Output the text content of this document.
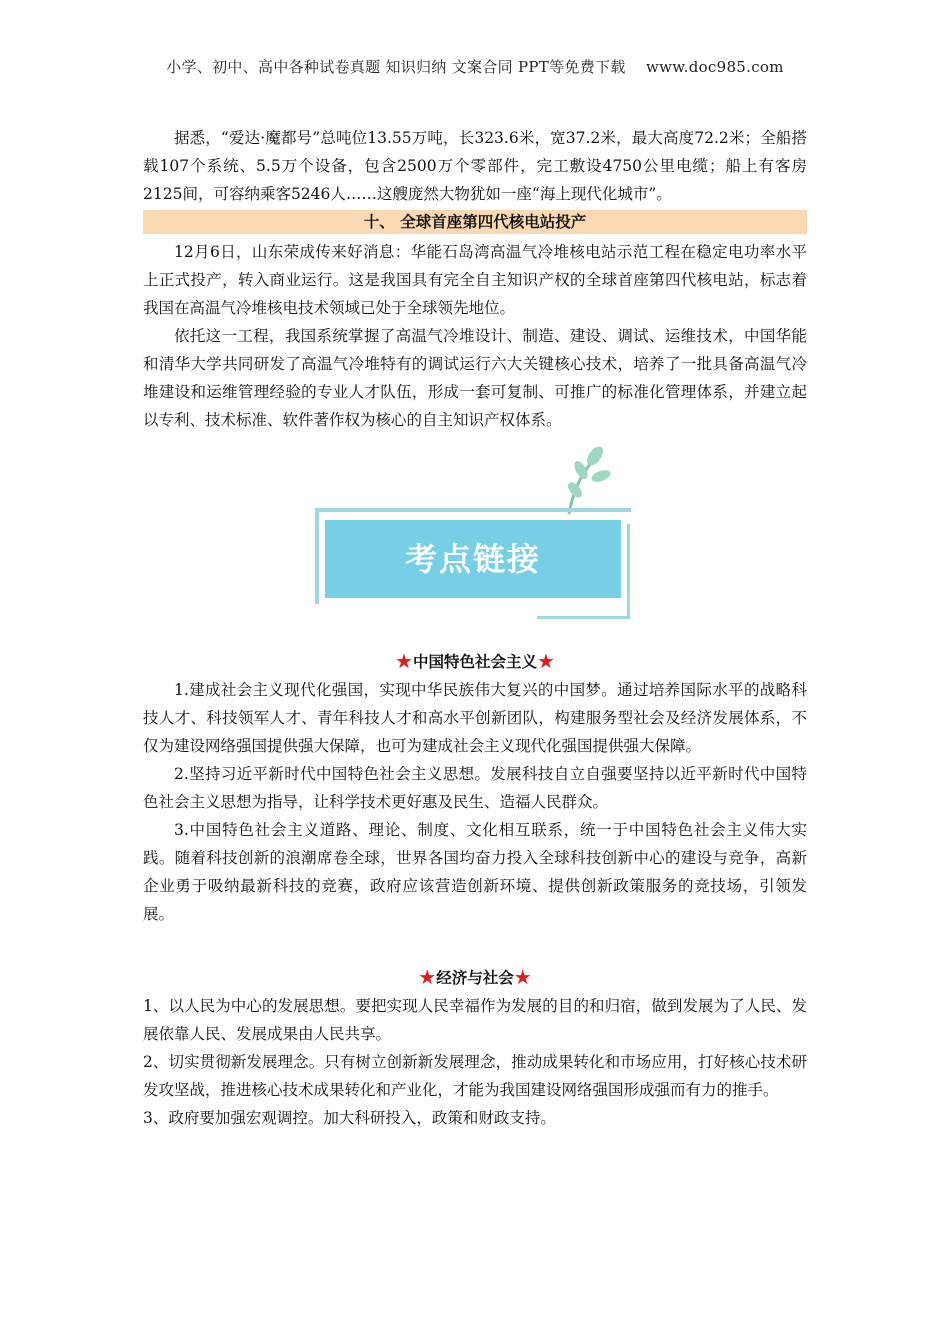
小学、初中、高中各种试卷真题 知识归纳 文案合同 PPT等免费下载 　www.doc985.com

据悉，“爱达·魔都号”总吨位13.55万吨，长323.6米，宽37.2米，最大高度72.2米；全船搭载107个系统、5.5万个设备，包含2500万个零部件，完工敷设4750公里电缆；船上有客房2125间，可容纳乘客5246人……这艘庞然大物犹如一座“海上现代化城市”。

十、 全球首座第四代核电站投产

12月6日，山东荣成传来好消息：华能石岛湾高温气冷堆核电站示范工程在稳定电功率水平上正式投产，转入商业运行。这是我国具有完全自主知识产权的全球首座第四代核电站，标志着我国在高温气冷堆核电技术领域已处于全球领先地位。

依托这一工程，我国系统掌握了高温气冷堆设计、制造、建设、调试、运维技术，中国华能和清华大学共同研发了高温气冷堆特有的调试运行六大关键核心技术，培养了一批具备高温气冷堆建设和运维管理经验的专业人才队伍，形成一套可复制、可推广的标准化管理体系，并建立起以专利、技术标准、软件著作权为核心的自主知识产权体系。

考点链接
★中国特色社会主义★

1.建成社会主义现代化强国，实现中华民族伟大复兴的中国梦。通过培养国际水平的战略科技人才、科技领军人才、青年科技人才和高水平创新团队，构建服务型社会及经济发展体系，不仅为建设网络强国提供强大保障，也可为建成社会主义现代化强国提供强大保障。

2.坚持习近平新时代中国特色社会主义思想。发展科技自立自强要坚持以近平新时代中国特色社会主义思想为指导，让科学技术更好惠及民生、造福人民群众。

3.中国特色社会主义道路、理论、制度、文化相互联系，统一于中国特色社会主义伟大实践。随着科技创新的浪潮席卷全球，世界各国均奋力投入全球科技创新中心的建设与竞争，高新企业勇于吸纳最新科技的竞赛，政府应该营造创新环境、提供创新政策服务的竞技场，引领发展。

★经济与社会★

1、以人民为中心的发展思想。要把实现人民幸福作为发展的目的和归宿，做到发展为了人民、发展依靠人民、发展成果由人民共享。

2、切实贯彻新发展理念。只有树立创新新发展理念，推动成果转化和市场应用，打好核心技术研发攻坚战，推进核心技术成果转化和产业化，才能为我国建设网络强国形成强而有力的推手。

3、政府要加强宏观调控。加大科研投入，政策和财政支持。
